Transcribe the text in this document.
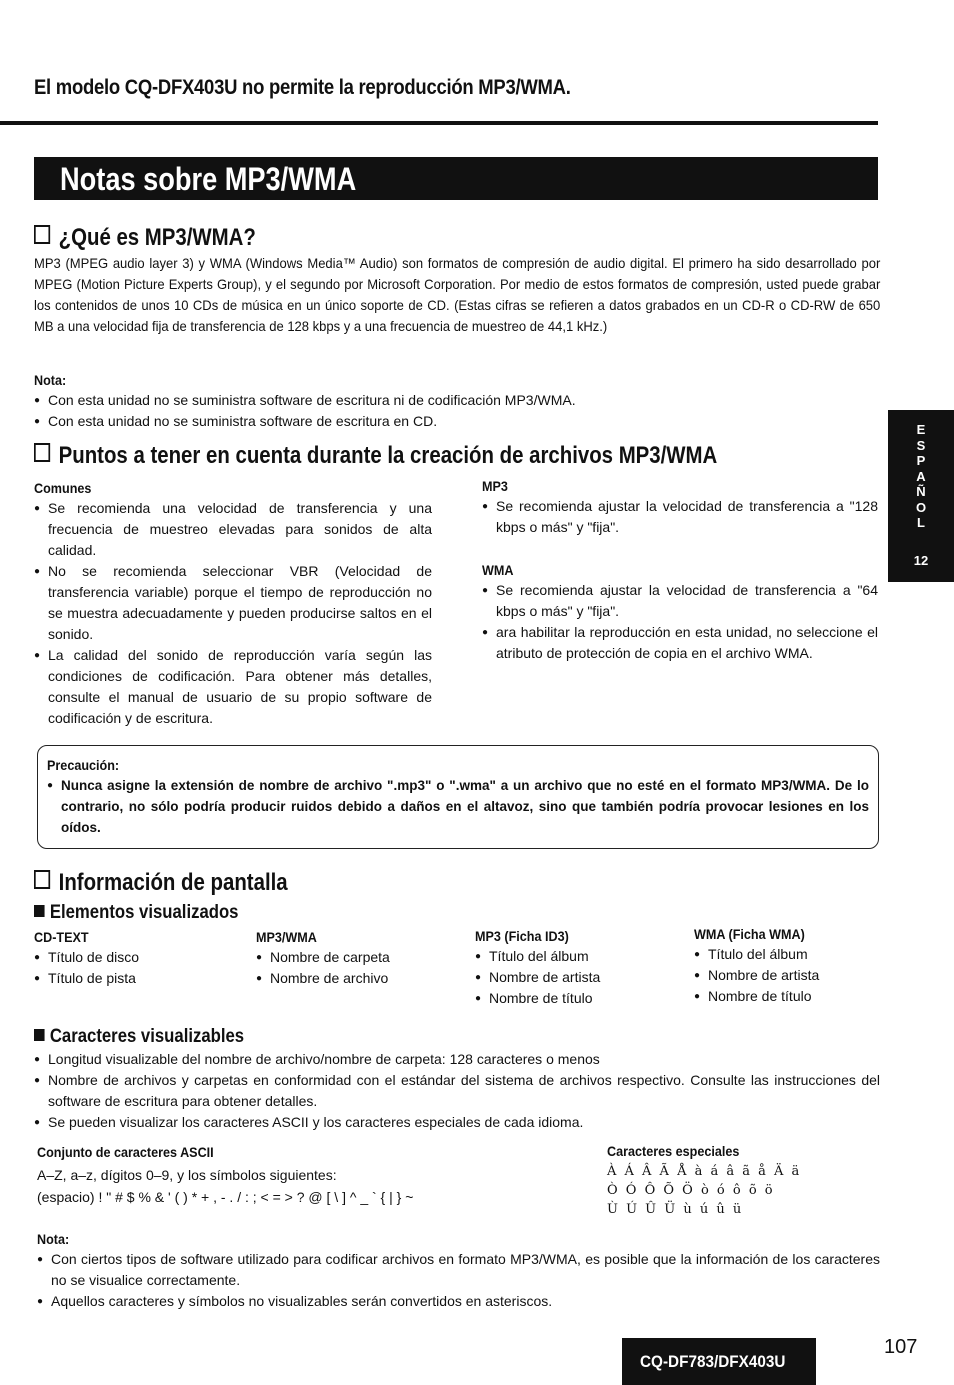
El modelo CQ-DFX403U no permite la reproducción MP3/WMA.
Notas sobre MP3/WMA
¿Qué es MP3/WMA?
MP3 (MPEG audio layer 3) y WMA (Windows Media™ Audio) son formatos de compresión de audio digital. El primero ha sido desarrollado por MPEG (Motion Picture Experts Group), y el segundo por Microsoft Corporation. Por medio de estos formatos de compresión, usted puede grabar los contenidos de unos 10 CDs de música en un único soporte de CD. (Estas cifras se refieren a datos grabados en un CD-R o CD-RW de 650 MB a una velocidad fija de transferencia de 128 kbps y a una frecuencia de muestreo de 44,1 kHz.)
Nota:
● Con esta unidad no se suministra software de escritura ni de codificación MP3/WMA.
● Con esta unidad no se suministra software de escritura en CD.
Puntos a tener en cuenta durante la creación de archivos MP3/WMA
Comunes
● Se recomienda una velocidad de transferencia y una frecuencia de muestreo elevadas para sonidos de alta calidad.
● No se recomienda seleccionar VBR (Velocidad de transferencia variable) porque el tiempo de reproducción no se muestra adecuadamente y pueden producirse saltos en el sonido.
● La calidad del sonido de reproducción varía según las condiciones de codificación. Para obtener más detalles, consulte el manual de usuario de su propio software de codificación y de escritura.
MP3
● Se recomienda ajustar la velocidad de transferencia a "128 kbps o más" y "fija".
WMA
● Se recomienda ajustar la velocidad de transferencia a "64 kbps o más" y "fija".
● ara habilitar la reproducción en esta unidad, no seleccione el atributo de protección de copia en el archivo WMA.
Precaución:
● Nunca asigne la extensión de nombre de archivo ".mp3" o ".wma" a un archivo que no esté en el formato MP3/WMA. De lo contrario, no sólo podría producir ruidos debido a daños en el altavoz, sino que también podría provocar lesiones en los oídos.
Información de pantalla
Elementos visualizados
CD-TEXT
● Título de disco
● Título de pista
MP3/WMA
● Nombre de carpeta
● Nombre de archivo
MP3 (Ficha ID3)
● Título del álbum
● Nombre de artista
● Nombre de título
WMA (Ficha WMA)
● Título del álbum
● Nombre de artista
● Nombre de título
Caracteres visualizables
● Longitud visualizable del nombre de archivo/nombre de carpeta: 128 caracteres o menos
● Nombre de archivos y carpetas en conformidad con el estándar del sistema de archivos respectivo. Consulte las instrucciones del software de escritura para obtener detalles.
● Se pueden visualizar los caracteres ASCII y los caracteres especiales de cada idioma.
Conjunto de caracteres ASCII
A–Z, a–z, dígitos 0–9, y los símbolos siguientes:
(espacio) ! " # $ % & ' ( ) * + , - . / : ; < = > ? @ [ \ ] ^ _ ` { | } ~
Caracteres especiales
À Á Â Ã Å à á â ã å Ä ä
Ò Ó Ô Õ Ö ò ó ô õ ö
Ù Ú Û Ü ù ú û ü
Nota:
● Con ciertos tipos de software utilizado para codificar archivos en formato MP3/WMA, es posible que la información de los caracteres no se visualice correctamente.
● Aquellos caracteres y símbolos no visualizables serán convertidos en asteriscos.
E
S
P
A
Ñ
O
L
12
CQ-DF783/DFX403U
107
